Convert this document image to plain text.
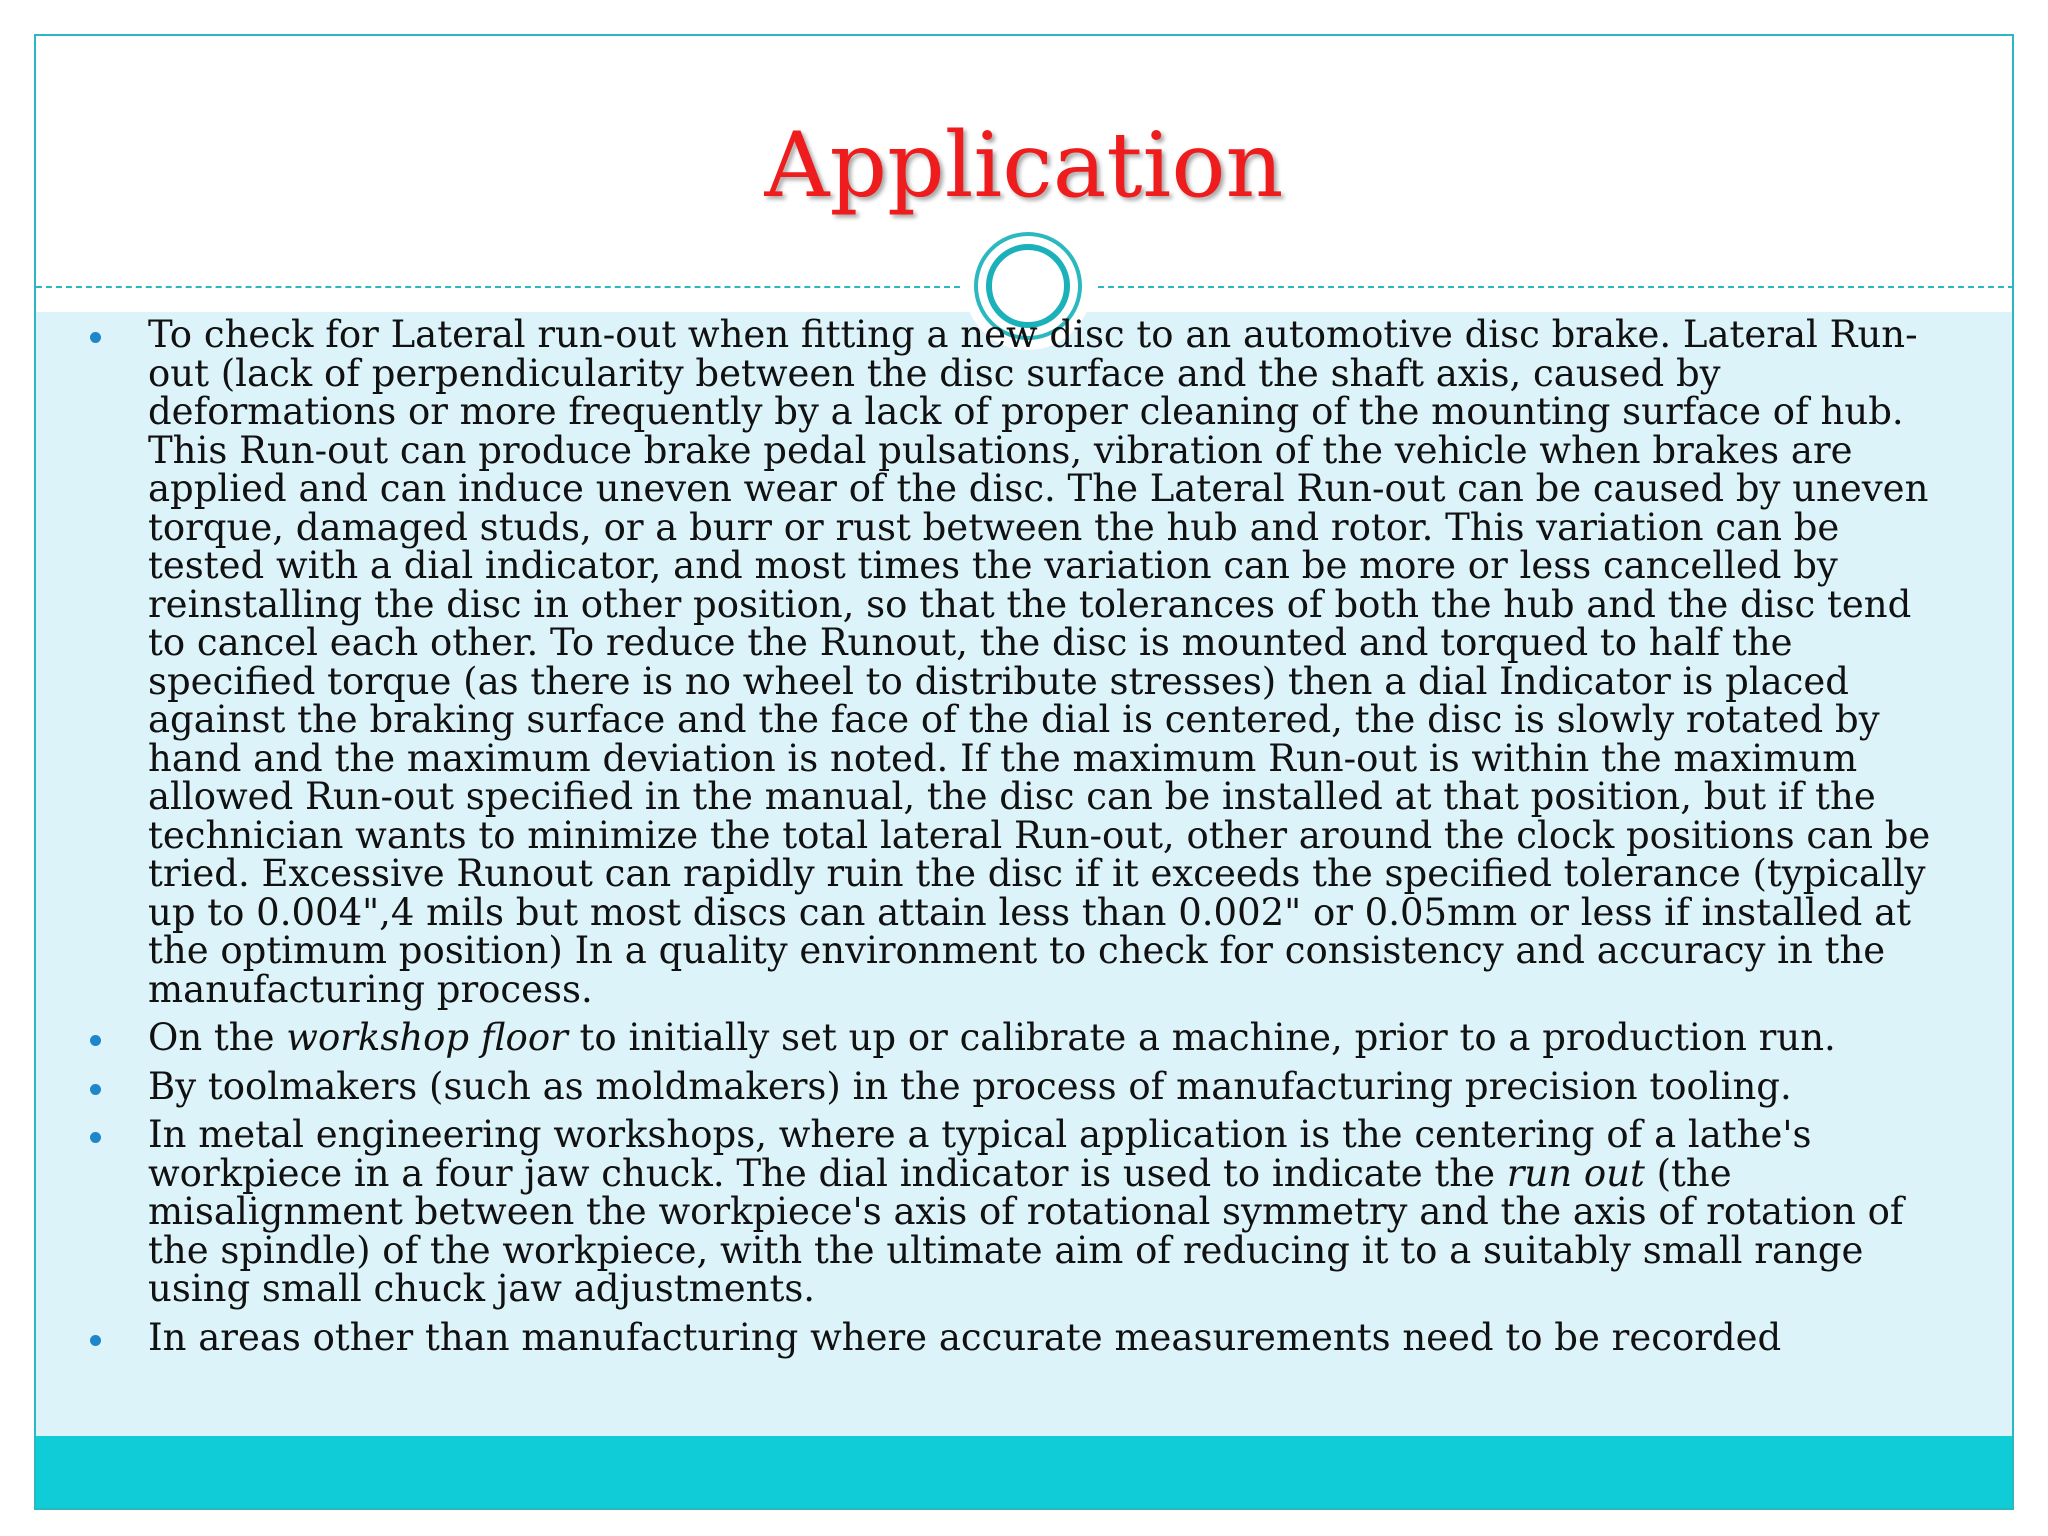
Application
To check for Lateral run-out when fitting a new disc to an automotive disc brake. Lateral Run-out (lack of perpendicularity between the disc surface and the shaft axis, caused by deformations or more frequently by a lack of proper cleaning of the mounting surface of hub. This Run-out can produce brake pedal pulsations, vibration of the vehicle when brakes are applied and can induce uneven wear of the disc. The Lateral Run-out can be caused by uneven torque, damaged studs, or a burr or rust between the hub and rotor. This variation can be tested with a dial indicator, and most times the variation can be more or less cancelled by reinstalling the disc in other position, so that the tolerances of both the hub and the disc tend to cancel each other. To reduce the Runout, the disc is mounted and torqued to half the specified torque (as there is no wheel to distribute stresses) then a dial Indicator is placed against the braking surface and the face of the dial is centered, the disc is slowly rotated by hand and the maximum deviation is noted. If the maximum Run-out is within the maximum allowed Run-out specified in the manual, the disc can be installed at that position, but if the technician wants to minimize the total lateral Run-out, other around the clock positions can be tried. Excessive Runout can rapidly ruin the disc if it exceeds the specified tolerance (typically up to 0.004",4 mils but most discs can attain less than 0.002" or 0.05mm or less if installed at the optimum position) In a quality environment to check for consistency and accuracy in the manufacturing process.
On the workshop floor to initially set up or calibrate a machine, prior to a production run.
By toolmakers (such as moldmakers) in the process of manufacturing precision tooling.
In metal engineering workshops, where a typical application is the centering of a lathe's workpiece in a four jaw chuck. The dial indicator is used to indicate the run out (the misalignment between the workpiece's axis of rotational symmetry and the axis of rotation of the spindle) of the workpiece, with the ultimate aim of reducing it to a suitably small range using small chuck jaw adjustments.
In areas other than manufacturing where accurate measurements need to be recorded
